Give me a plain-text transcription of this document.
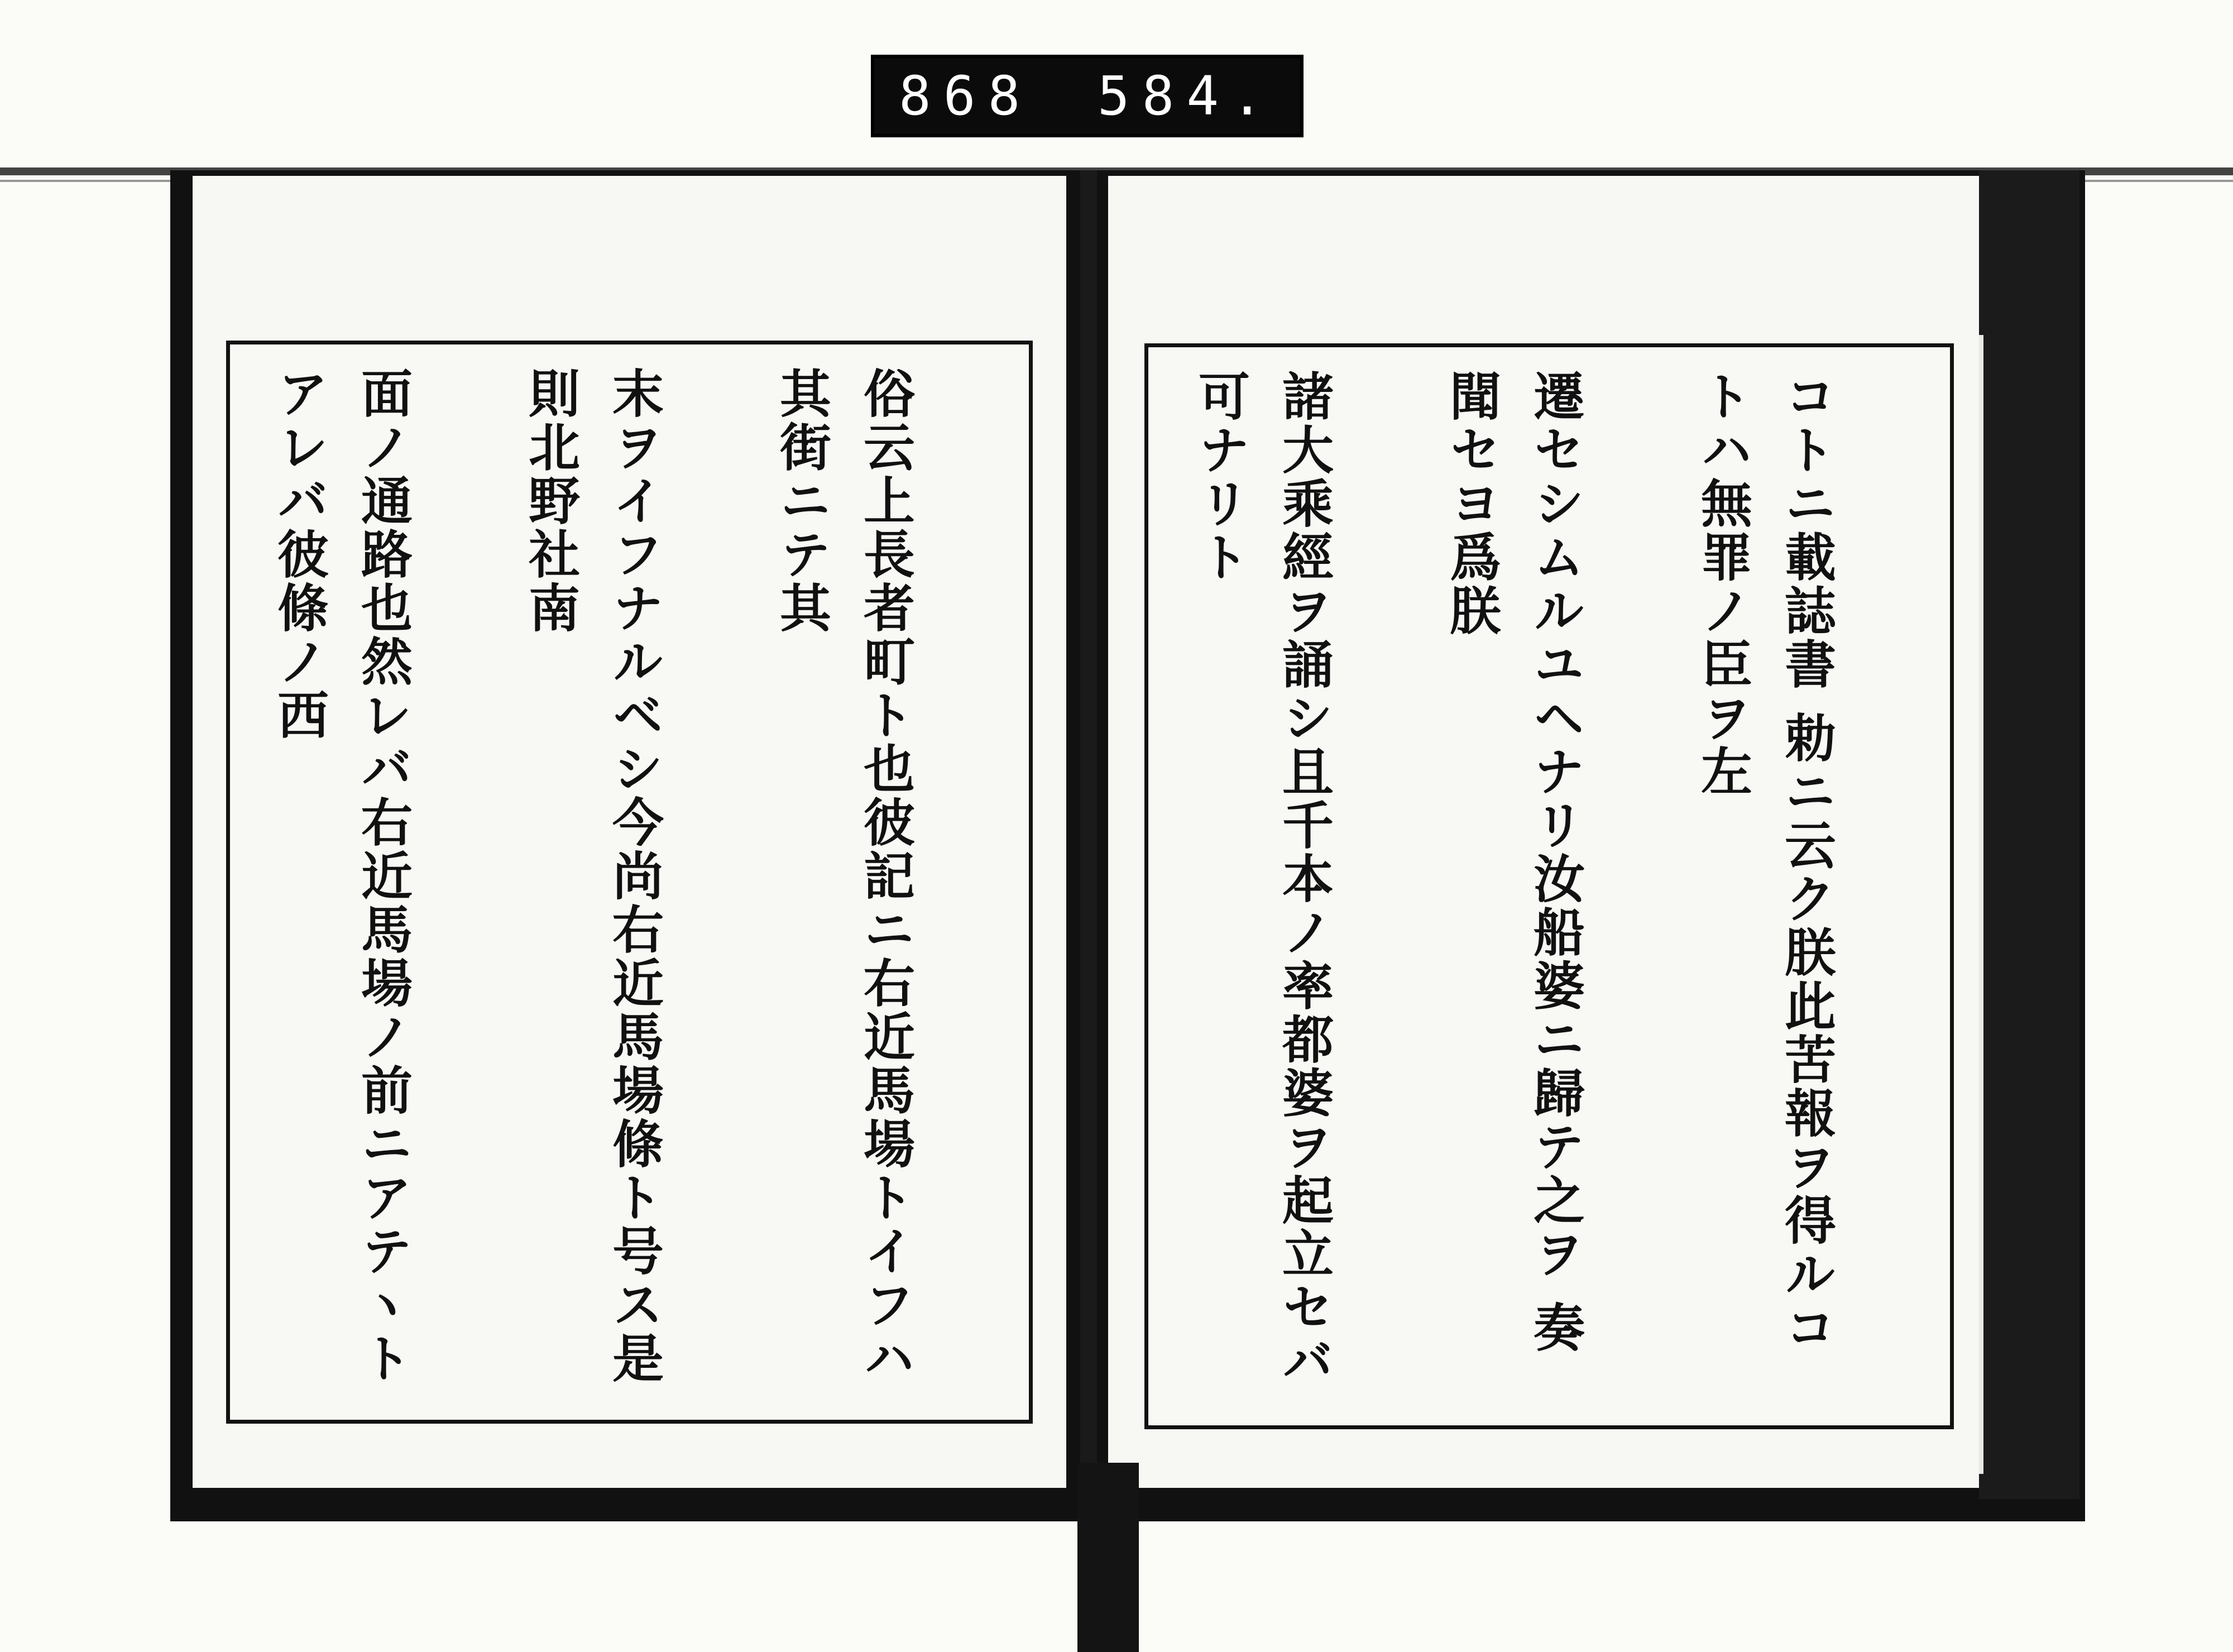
868 584.

コトニ載誌書 勅ニ云ク朕此苦報ヲ得ルコトハ無罪ノ臣ヲ左

遷セシムルユヘナリ汝船婆ニ歸テ之ヲ 奏聞セヨ爲朕

諸大乘經ヲ誦シ且千本ノ率都婆ヲ起立セバ可ナリト

俗云上長者町ト也彼記ニ右近馬場トイフハ其街ニテ其

末ヲイフナルベシ今尚右近馬場條ト号ス是則北野社南

面ノ通路也然レバ右近馬場ノ前ニアテヽトアレバ彼條ノ西
